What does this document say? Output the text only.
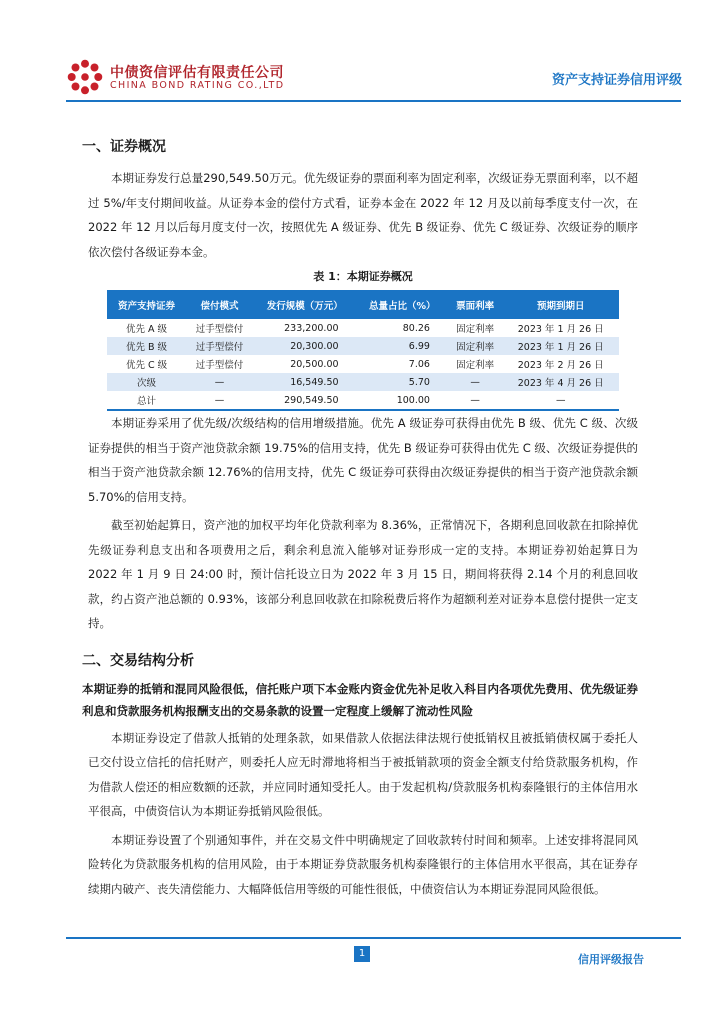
中债资信评估有限责任公司
CHINA BOND RATING CO.,LTD	资产支持证券信用评级
一、证券概况

本期证券发行总量290,549.50万元。优先级证券的票面利率为固定利率，次级证券无票面利率，以不超过 5%/年支付期间收益。从证券本金的偿付方式看，证券本金在 2022 年 12 月及以前每季度支付一次，在 2022 年 12 月以后每月度支付一次，按照优先 A 级证券、优先 B 级证券、优先 C 级证券、次级证券的顺序依次偿付各级证券本金。

表 1：本期证券概况
资产支持证券	偿付模式	发行规模（万元）	总量占比（%）	票面利率	预期到期日
优先 A 级	过手型偿付	233,200.00	80.26	固定利率	2023 年 1 月 26 日
优先 B 级	过手型偿付	20,300.00	6.99	固定利率	2023 年 1 月 26 日
优先 C 级	过手型偿付	20,500.00	7.06	固定利率	2023 年 2 月 26 日
次级	—	16,549.50	5.70	—	2023 年 4 月 26 日
总计	—	290,549.50	100.00	—	—

本期证券采用了优先级/次级结构的信用增级措施。优先 A 级证券可获得由优先 B 级、优先 C 级、次级证券提供的相当于资产池贷款余额 19.75%的信用支持，优先 B 级证券可获得由优先 C 级、次级证券提供的相当于资产池贷款余额 12.76%的信用支持，优先 C 级证券可获得由次级证券提供的相当于资产池贷款余额 5.70%的信用支持。

截至初始起算日，资产池的加权平均年化贷款利率为 8.36%，正常情况下，各期利息回收款在扣除掉优先级证券利息支出和各项费用之后，剩余利息流入能够对证券形成一定的支持。本期证券初始起算日为 2022 年 1 月 9 日 24:00 时，预计信托设立日为 2022 年 3 月 15 日，期间将获得 2.14 个月的利息回收款，约占资产池总额的 0.93%，该部分利息回收款在扣除税费后将作为超额利差对证券本息偿付提供一定支持。

二、交易结构分析

本期证券的抵销和混同风险很低，信托账户项下本金账内资金优先补足收入科目内各项优先费用、优先级证券利息和贷款服务机构报酬支出的交易条款的设置一定程度上缓解了流动性风险

本期证券设定了借款人抵销的处理条款，如果借款人依据法律法规行使抵销权且被抵销债权属于委托人已交付设立信托的信托财产，则委托人应无时滞地将相当于被抵销款项的资金全额支付给贷款服务机构，作为借款人偿还的相应数额的还款，并应同时通知受托人。由于发起机构/贷款服务机构泰隆银行的主体信用水平很高，中债资信认为本期证券抵销风险很低。

本期证券设置了个别通知事件，并在交易文件中明确规定了回收款转付时间和频率。上述安排将混同风险转化为贷款服务机构的信用风险，由于本期证券贷款服务机构泰隆银行的主体信用水平很高，其在证券存续期内破产、丧失清偿能力、大幅降低信用等级的可能性很低，中债资信认为本期证券混同风险很低。

1	信用评级报告
